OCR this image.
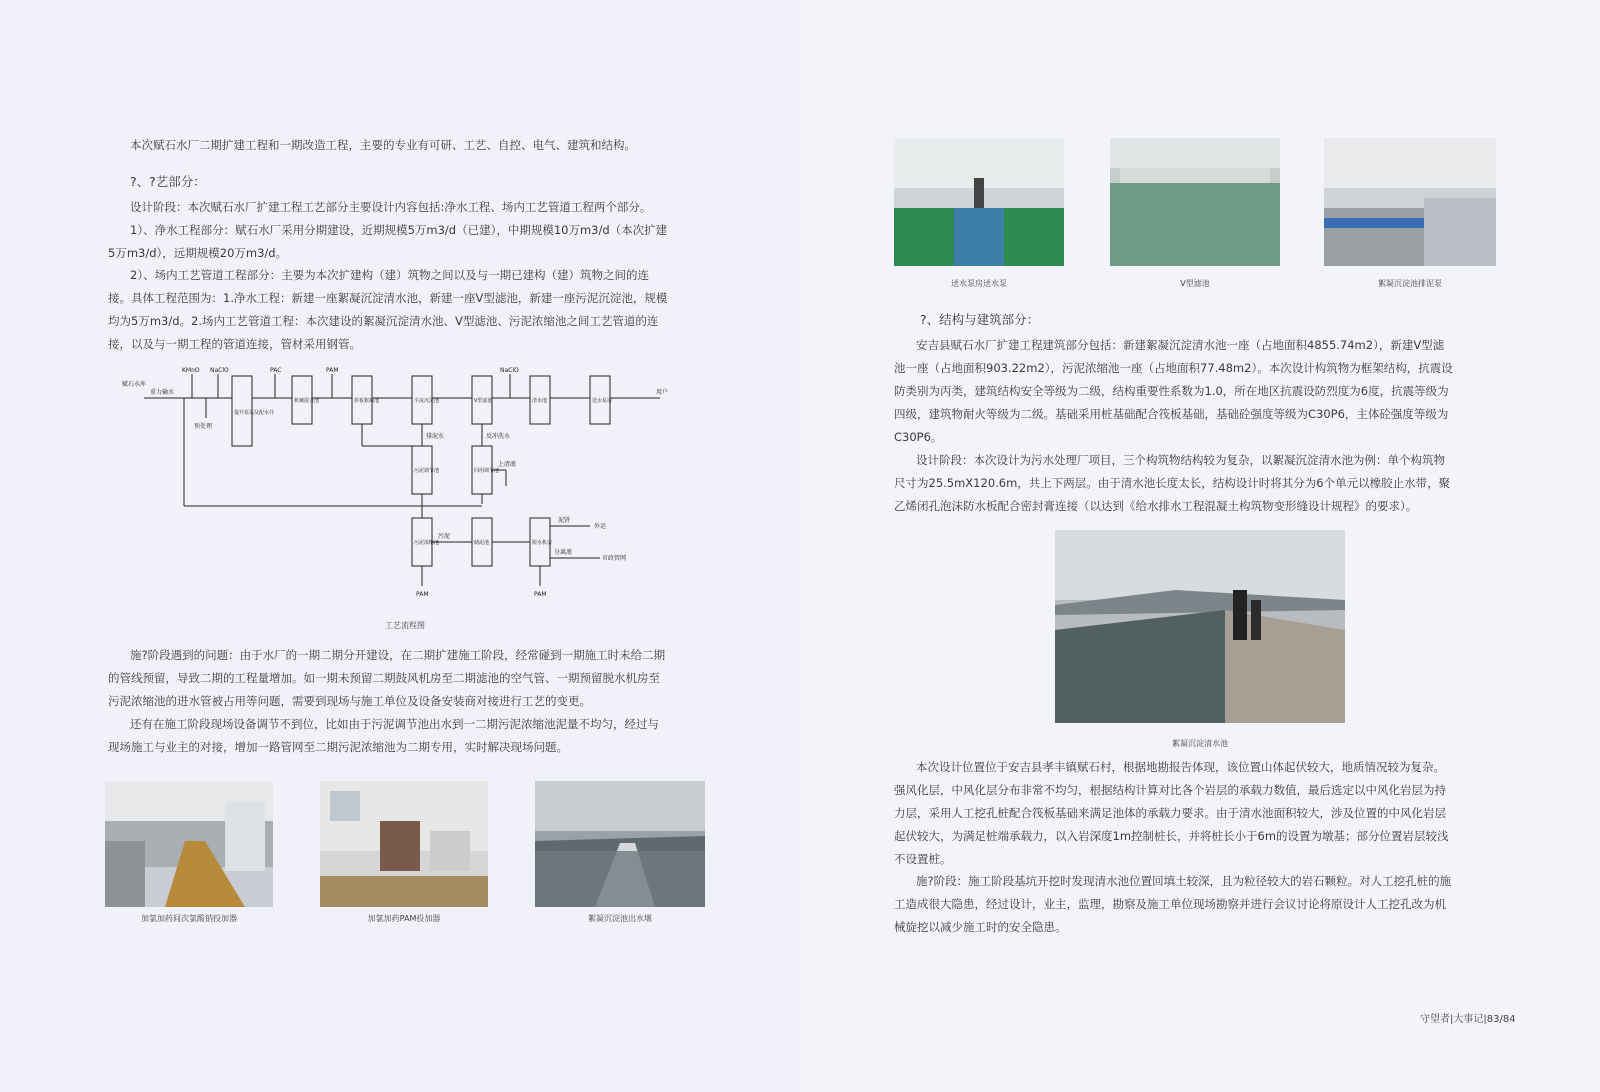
本次赋石水厂二期扩建工程和一期改造工程，主要的专业有可研、工艺、自控、电气、建筑和结构。

?、?艺部分：

设计阶段：本次赋石水厂扩建工程工艺部分主要设计内容包括:净水工程、场内工艺管道工程两个部分。

1）、净水工程部分：赋石水厂采用分期建设，近期规模5万m3/d（已建），中期规模10万m3/d（本次扩建5万m3/d），远期规模20万m3/d。

2）、场内工艺管道工程部分：主要为本次扩建构（建）筑物之间以及与一期已建构（建）筑物之间的连接。具体工程范围为：1.净水工程：新建一座絮凝沉淀清水池，新建一座V型滤池，新建一座污泥沉淀池，规模均为5万m3/d。2.场内工艺管道工程：本次建设的絮凝沉淀清水池、V型滤池、污泥浓缩池之间工艺管道的连接，以及与一期工程的管道连接，管材采用钢管。

赋石水库
重力输水
KMnO NaClO	PAC	PAM	NaClO
预处理
提升泵站及配水井
机械混合池	折板絮凝池	平流沉淀池	V型滤池	清水池	送水泵房
用户
排泥水	反冲洗水
污泥调节池	回用调节池
上清液
污泥浓缩池	储泥池	脱水机房
污泥
泥饼
外运
分离液
市政管网
PAM	PAM
工艺流程图

施?阶段遇到的问题：由于水厂的一期二期分开建设，在二期扩建施工阶段，经常碰到一期施工时未给二期的管线预留，导致二期的工程量增加。如一期未预留二期鼓风机房至二期滤池的空气管、一期预留脱水机房至污泥浓缩池的进水管被占用等问题，需要到现场与施工单位及设备安装商对接进行工艺的变更。

还有在施工阶段现场设备调节不到位，比如由于污泥调节池出水到一二期污泥浓缩池泥量不均匀，经过与现场施工与业主的对接，增加一路管网至二期污泥浓缩池为二期专用，实时解决现场问题。

加氯加药间次氯酸钠投加器	加氯加药PAM投加器	絮凝沉淀池出水堰
送水泵房送水泵	V型滤池	絮凝沉淀池排泥泵
?、结构与建筑部分：

安吉县赋石水厂扩建工程建筑部分包括：新建絮凝沉淀清水池一座（占地面积4855.74m2），新建V型滤池一座（占地面积903.22m2），污泥浓缩池一座（占地面积77.48m2）。本次设计构筑物为框架结构，抗震设防类别为丙类，建筑结构安全等级为二级，结构重要性系数为1.0，所在地区抗震设防烈度为6度，抗震等级为四级，建筑物耐火等级为二级。基础采用桩基础配合筏板基础，基础砼强度等级为C30P6，主体砼强度等级为C30P6。

设计阶段：本次设计为污水处理厂项目，三个构筑物结构较为复杂，以絮凝沉淀清水池为例：单个构筑物尺寸为25.5mX120.6m，共上下两层。由于清水池长度太长，结构设计时将其分为6个单元以橡胶止水带，聚乙烯闭孔泡沫防水板配合密封膏连接（以达到《给水排水工程混凝土构筑物变形缝设计规程》的要求）。

絮凝沉淀清水池

本次设计位置位于安吉县孝丰镇赋石村，根据地勘报告体现，该位置山体起伏较大，地质情况较为复杂。强风化层，中风化层分布非常不均匀，根据结构计算对比各个岩层的承载力数值，最后选定以中风化岩层为持力层，采用人工挖孔桩配合筏板基础来满足池体的承载力要求。由于清水池面积较大，涉及位置的中风化岩层起伏较大，为满足桩端承载力，以入岩深度1m控制桩长，并将桩长小于6m的设置为墩基；部分位置岩层较浅不设置桩。

施?阶段：施工阶段基坑开挖时发现清水池位置回填土较深，且为粒径较大的岩石颗粒。对人工挖孔桩的施工造成很大隐患，经过设计，业主，监理，勘察及施工单位现场勘察并进行会议讨论将原设计人工挖孔改为机械旋挖以减少施工时的安全隐患。

守望者|大事记|83/84
